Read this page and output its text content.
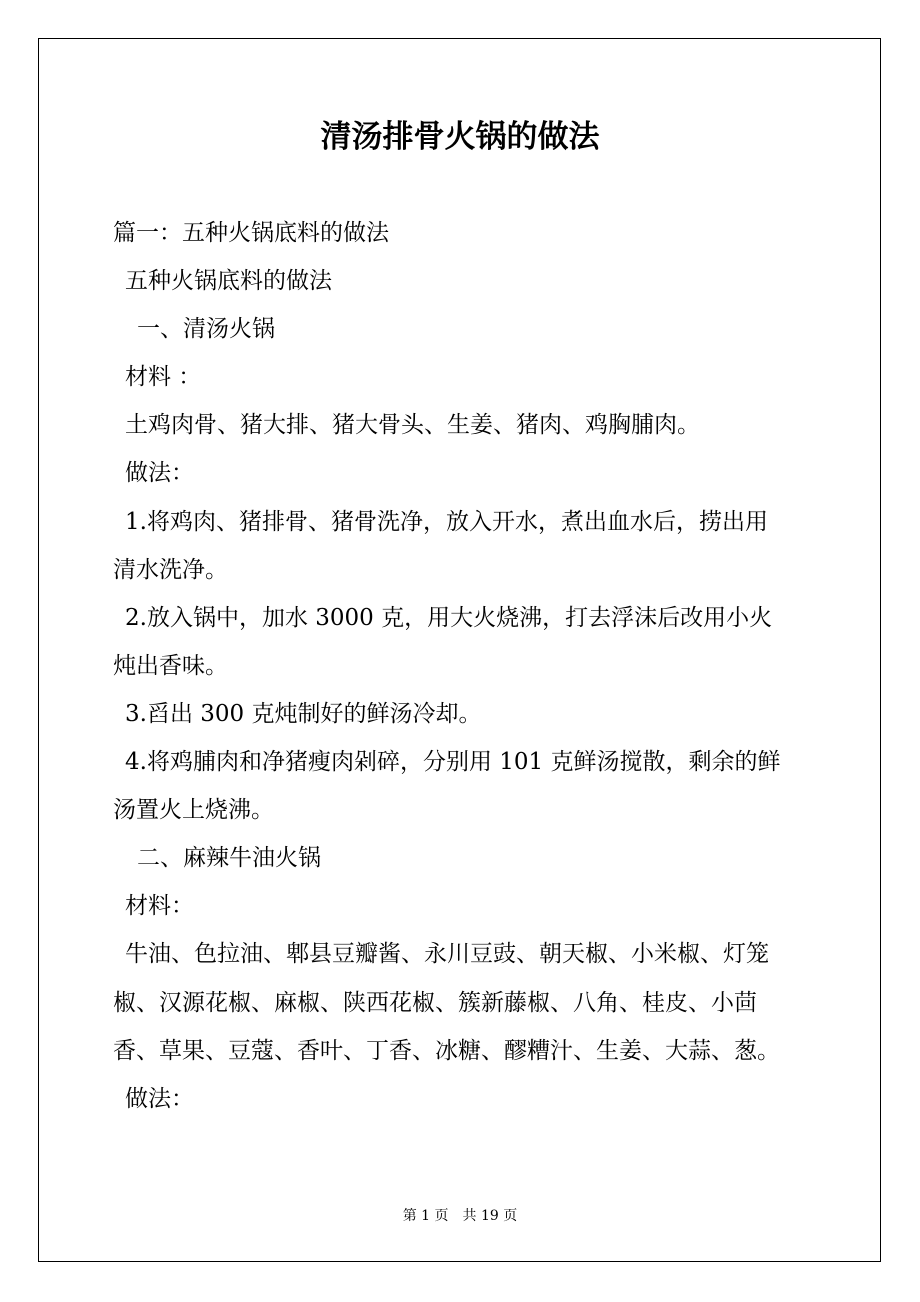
清汤排骨火锅的做法
篇一：五种火锅底料的做法
五种火锅底料的做法
一、清汤火锅
材料 ：
土鸡肉骨、猪大排、猪大骨头、生姜、猪肉、鸡胸脯肉。
做法：
1.将鸡肉、猪排骨、猪骨洗净，放入开水，煮出血水后，捞出用
清水洗净。
2.放入锅中，加水 3000 克，用大火烧沸，打去浮沫后改用小火
炖出香味。
3.舀出 300 克炖制好的鲜汤冷却。
4.将鸡脯肉和净猪瘦肉剁碎，分别用 101 克鲜汤搅散，剩余的鲜
汤置火上烧沸。
二、麻辣牛油火锅
材料：
牛油、色拉油、郫县豆瓣酱、永川豆豉、朝天椒、小米椒、灯笼
椒、汉源花椒、麻椒、陕西花椒、簇新藤椒、八角、桂皮、小茴
香、草果、豆蔻、香叶、丁香、冰糖、醪糟汁、生姜、大蒜、葱。
做法：
第 1 页　共 19 页
